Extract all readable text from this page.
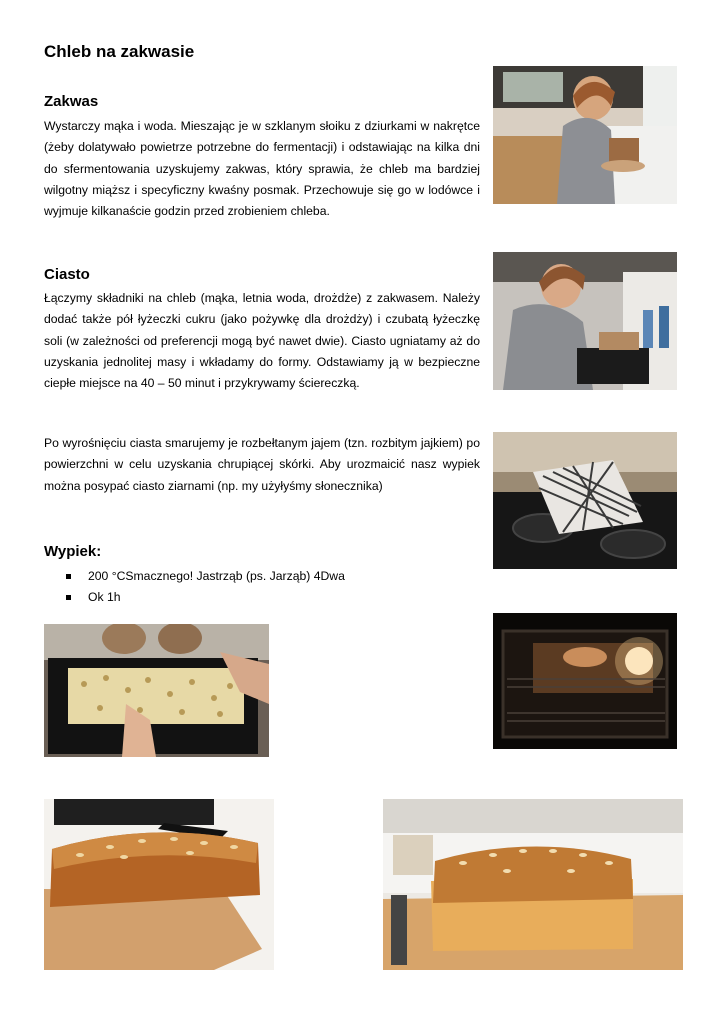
Chleb na zakwasie
Zakwas

Wystarczy mąka i woda. Mieszając je w szklanym słoiku z dziurkami w nakrętce (żeby dolatywało powietrze potrzebne do fermentacji) i odstawiając na kilka dni do sfermentowania uzyskujemy zakwas, który sprawia, że chleb ma bardziej wilgotny miąższ i specyficzny kwaśny posmak. Przechowuje się go w lodówce i wyjmuje kilkanaście godzin przed zrobieniem chleba.

Ciasto

Łączymy składniki na chleb (mąka, letnia woda, drożdże) z zakwasem. Należy dodać także pół łyżeczki cukru (jako pożywkę dla drożdży) i czubatą łyżeczkę soli (w zależności od preferencji mogą być nawet dwie). Ciasto ugniatamy aż do uzyskania jednolitej masy i wkładamy do formy. Odstawiamy ją w bezpieczne ciepłe miejsce na 40 – 50 minut i przykrywamy ściereczką.

Po wyrośnięciu ciasta smarujemy je rozbełtanym jajem (tzn. rozbitym jajkiem) po powierzchni w celu uzyskania chrupiącej skórki. Aby urozmaicić nasz wypiek można posypać ciasto ziarnami (np. my użyłyśmy słonecznika)

Wypiek:
200 °CSmacznego! Jastrząb (ps. Jarząb) 4Dwa
Ok 1h
